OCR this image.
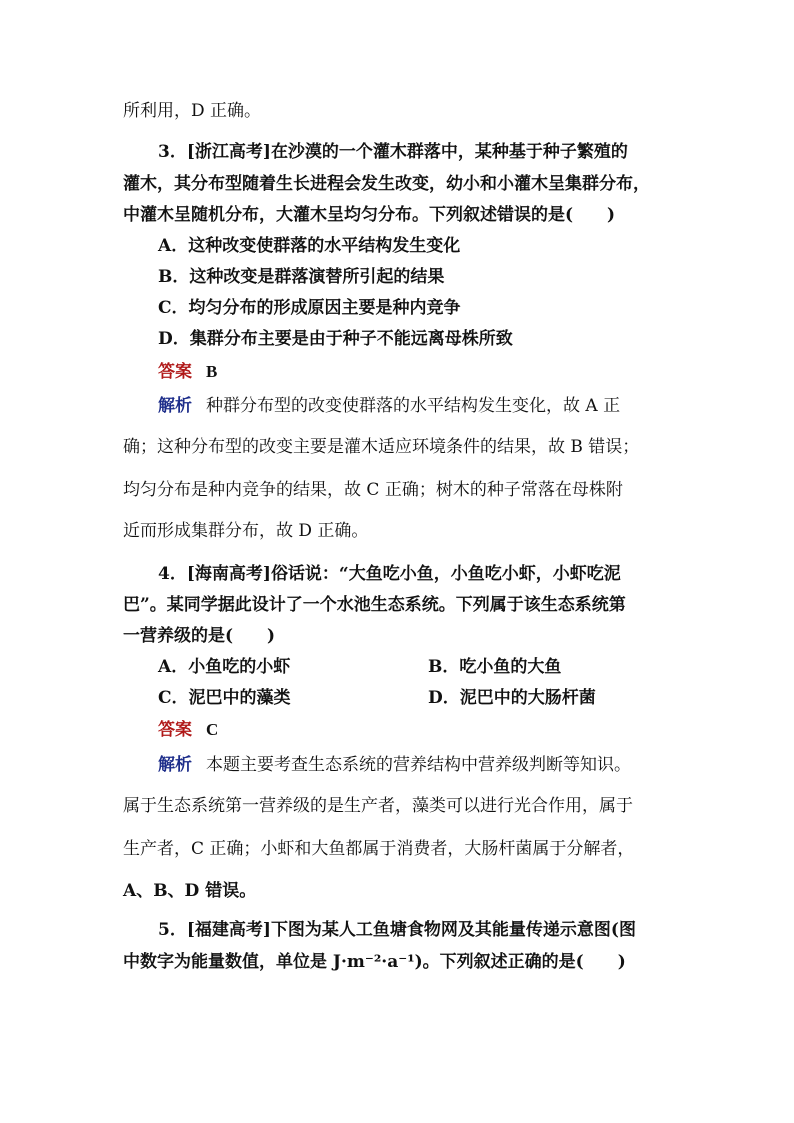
所利用，D 正确。
3．[浙江高考]在沙漠的一个灌木群落中，某种基于种子繁殖的
灌木，其分布型随着生长进程会发生改变，幼小和小灌木呈集群分布，
中灌木呈随机分布，大灌木呈均匀分布。下列叙述错误的是(　　)
A．这种改变使群落的水平结构发生变化
B．这种改变是群落演替所引起的结果
C．均匀分布的形成原因主要是种内竞争
D．集群分布主要是由于种子不能远离母株所致
答案 B
解析 种群分布型的改变使群落的水平结构发生变化，故 A 正
确；这种分布型的改变主要是灌木适应环境条件的结果，故 B 错误；
均匀分布是种内竞争的结果，故 C 正确；树木的种子常落在母株附
近而形成集群分布，故 D 正确。
4．[海南高考]俗话说：“大鱼吃小鱼，小鱼吃小虾，小虾吃泥
巴”。某同学据此设计了一个水池生态系统。下列属于该生态系统第
一营养级的是(　　)
A．小鱼吃的小虾	B．吃小鱼的大鱼
C．泥巴中的藻类	D．泥巴中的大肠杆菌
答案 C
解析 本题主要考查生态系统的营养结构中营养级判断等知识。
属于生态系统第一营养级的是生产者，藻类可以进行光合作用，属于
生产者，C 正确；小虾和大鱼都属于消费者，大肠杆菌属于分解者，
A、B、D 错误。
5．[福建高考]下图为某人工鱼塘食物网及其能量传递示意图(图
中数字为能量数值，单位是 J·m⁻²·a⁻¹)。下列叙述正确的是(　　)
